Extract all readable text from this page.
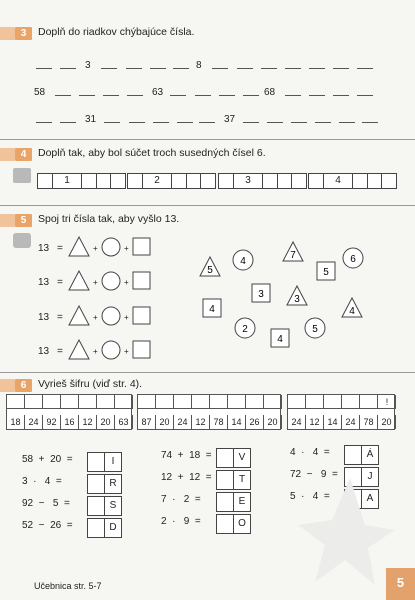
3	Doplň do riadkov chýbajúce čísla.
3	8
58	63	68
31	37
4	Doplň tak, aby bol súčet troch susedných čísel 6.
1	2	3	4
5	Spoj tri čísla tak, aby vyšlo 13.
13 =	+	+
13 =	+	+
13 =	+	+
13 =	+	+
5
7
3
4
4	6
2	5
5
3
4
4
6	Vyrieš šifru (viď str. 4).
18 24 92 16 12 20 63	87 20 24 12 78 14 26 20	24 12 14 24 78 20
!
58  +  20  =	I
3  ·   4  =	R
92  −   5  =	S
52  −  26  =	D
74  +  18  =	V
12  +  12  =	T
7  ·   2  =	E
2  ·   9  =	O
4  ·   4  =	Á
72  −   9  =	J
5  ·   4  =	A
Učebnica str. 5-7	5
